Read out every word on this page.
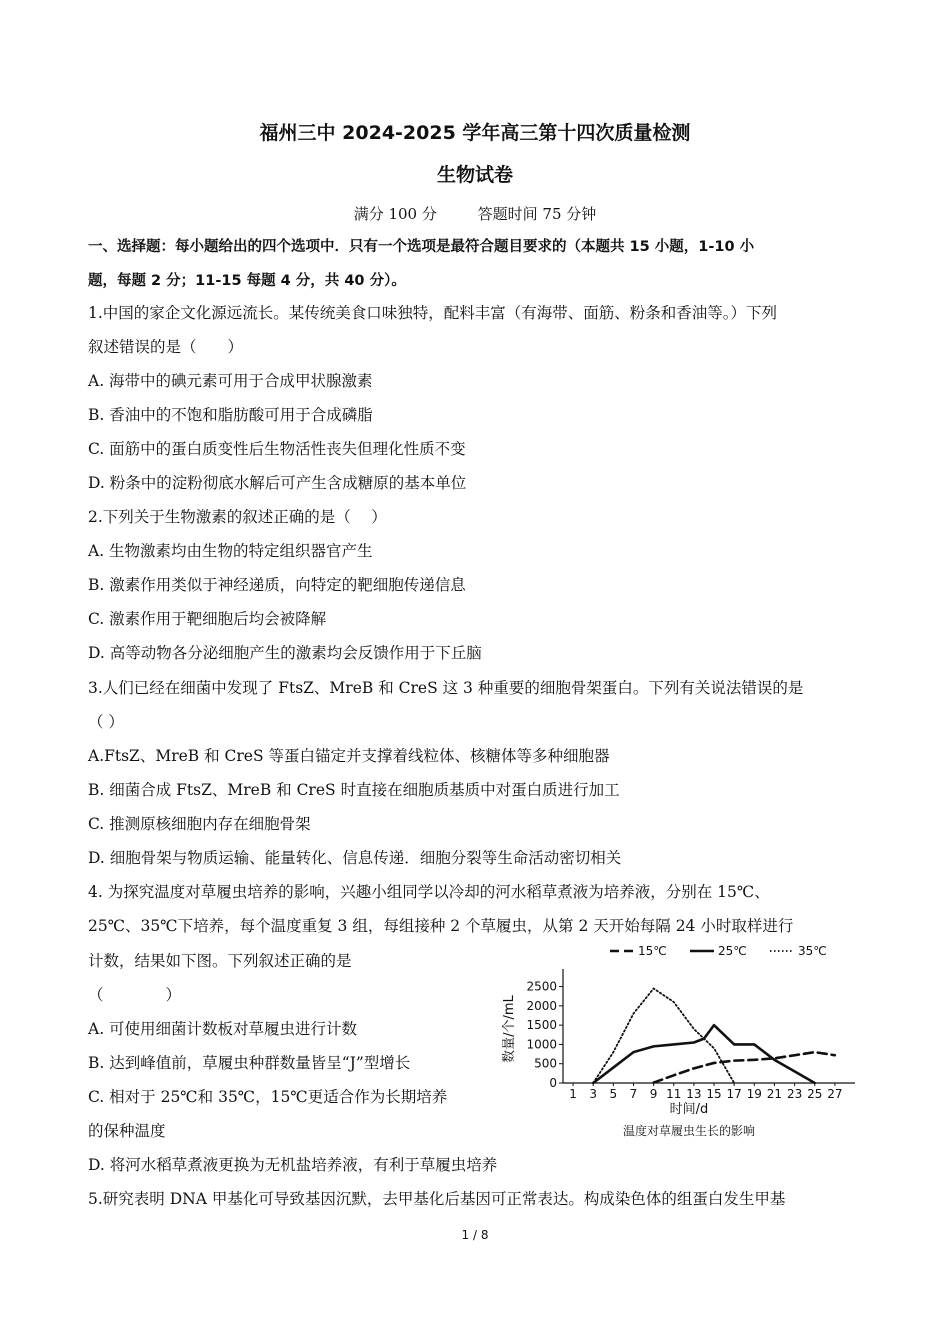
福州三中 2024-2025 学年高三第十四次质量检测
生物试卷
满分 100 分	答题时间 75 分钟
一、选择题：每小题给出的四个选项中．只有一个选项是最符合题目要求的（本题共 15 小题，1-10 小
题，每题 2 分；11-15 每题 4 分，共 40 分）。
1.中国的家企文化源远流长。某传统美食口味独特，配料丰富（有海带、面筋、粉条和香油等。）下列
叙述错误的是（　　）
A. 海带中的碘元素可用于合成甲状腺激素
B. 香油中的不饱和脂肪酸可用于合成磷脂
C. 面筋中的蛋白质变性后生物活性丧失但理化性质不变
D. 粉条中的淀粉彻底水解后可产生含成糖原的基本单位
2.下列关于生物激素的叙述正确的是（　 ）
A. 生物激素均由生物的特定组织器官产生
B. 激素作用类似于神经递质，向特定的靶细胞传递信息
C. 激素作用于靶细胞后均会被降解
D. 高等动物各分泌细胞产生的激素均会反馈作用于下丘脑
3.人们已经在细菌中发现了 FtsZ、MreB 和 CreS 这 3 种重要的细胞骨架蛋白。下列有关说法错误的是
（ ）
A.FtsZ、MreB 和 CreS 等蛋白锚定并支撑着线粒体、核糖体等多种细胞器
B. 细菌合成 FtsZ、MreB 和 CreS 时直接在细胞质基质中对蛋白质进行加工
C. 推测原核细胞内存在细胞骨架
D. 细胞骨架与物质运输、能量转化、信息传递．细胞分裂等生命活动密切相关
4. 为探究温度对草履虫培养的影响，兴趣小组同学以冷却的河水稻草煮液为培养液，分别在 15℃、
25℃、35℃下培养，每个温度重复 3 组，每组接种 2 个草履虫，从第 2 天开始每隔 24 小时取样进行
计数，结果如下图。下列叙述正确的是
（　　　　）
A. 可使用细菌计数板对草履虫进行计数
B. 达到峰值前，草履虫种群数量皆呈“J”型增长
C. 相对于 25℃和 35℃，15℃更适合作为长期培养
的保种温度
D. 将河水稻草煮液更换为无机盐培养液，有利于草履虫培养
5.研究表明 DNA 甲基化可导致基因沉默，去甲基化后基因可正常表达。构成染色体的组蛋白发生甲基
0
500
1000
1500
2000
2500
1 3 5 7 9 11 13 15 17 19 21 23 25 27
数量/个/mL
时间/d
温度对草履虫生长的影响
15℃	25℃	35℃
1 / 8
